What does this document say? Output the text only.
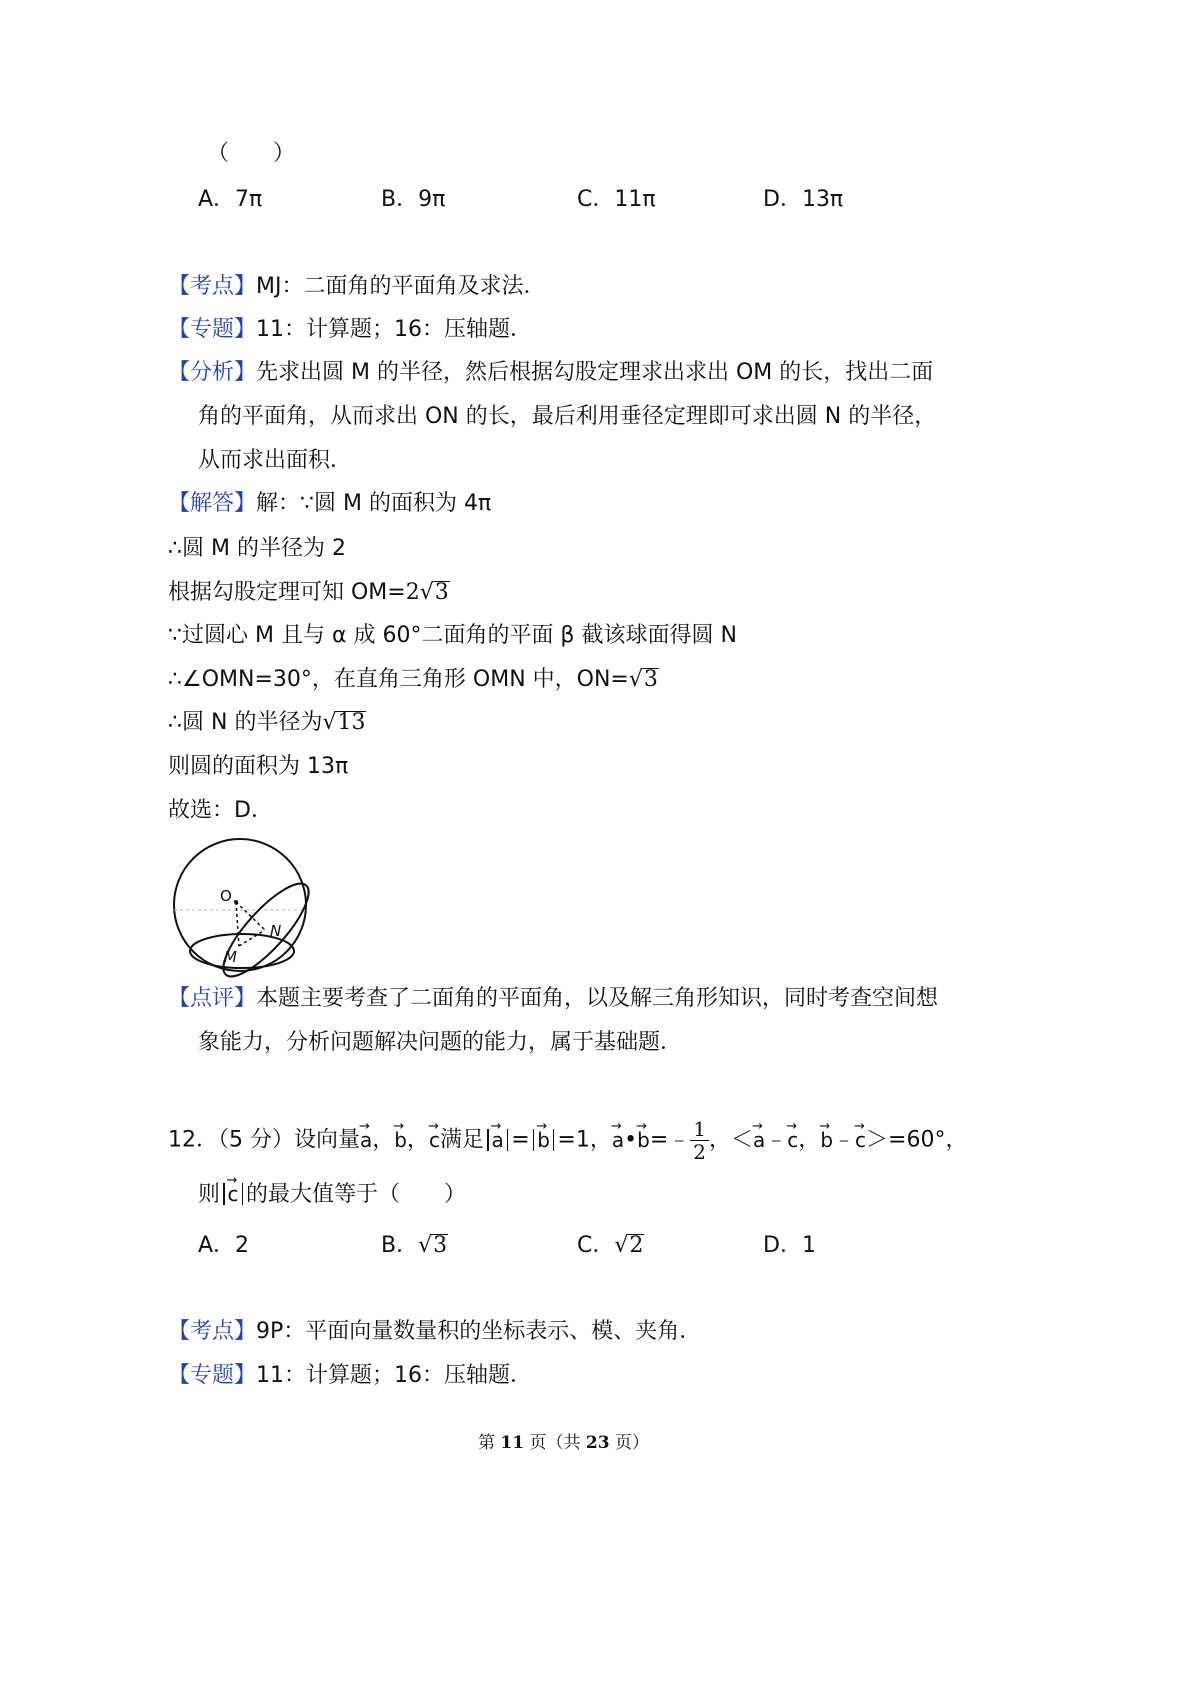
（　　）
A．7π	B．9π	C．11π	D．13π
【考点】MJ：二面角的平面角及求法．
【专题】11：计算题；16：压轴题．
【分析】先求出圆 M 的半径，然后根据勾股定理求出求出 OM 的长，找出二面
角的平面角，从而求出 ON 的长，最后利用垂径定理即可求出圆 N 的半径，
从而求出面积．
【解答】解：∵圆 M 的面积为 4π
∴圆 M 的半径为 2
根据勾股定理可知 OM=2√3
∵过圆心 M 且与 α 成 60°二面角的平面 β 截该球面得圆 N
∴∠OMN=30°，在直角三角形 OMN 中，ON=√3
∴圆 N 的半径为√13
则圆的面积为 13π
故选：D．
O
M
N
【点评】本题主要考查了二面角的平面角，以及解三角形知识，同时考查空间想
象能力，分析问题解决问题的能力，属于基础题．
12．（5 分）设向量→ a，→ b，→ c满足 → a = → b =1，→ a•→ b=﹣ $\frac{1}{2}$ ，＜→ a﹣→ c，→ b﹣→ c＞=60°，
则 → c 的最大值等于（　　）
A．2	B．√3	C．√2	D．1
【考点】9P：平面向量数量积的坐标表示、模、夹角．
【专题】11：计算题；16：压轴题．
第 11 页（共 23 页）
